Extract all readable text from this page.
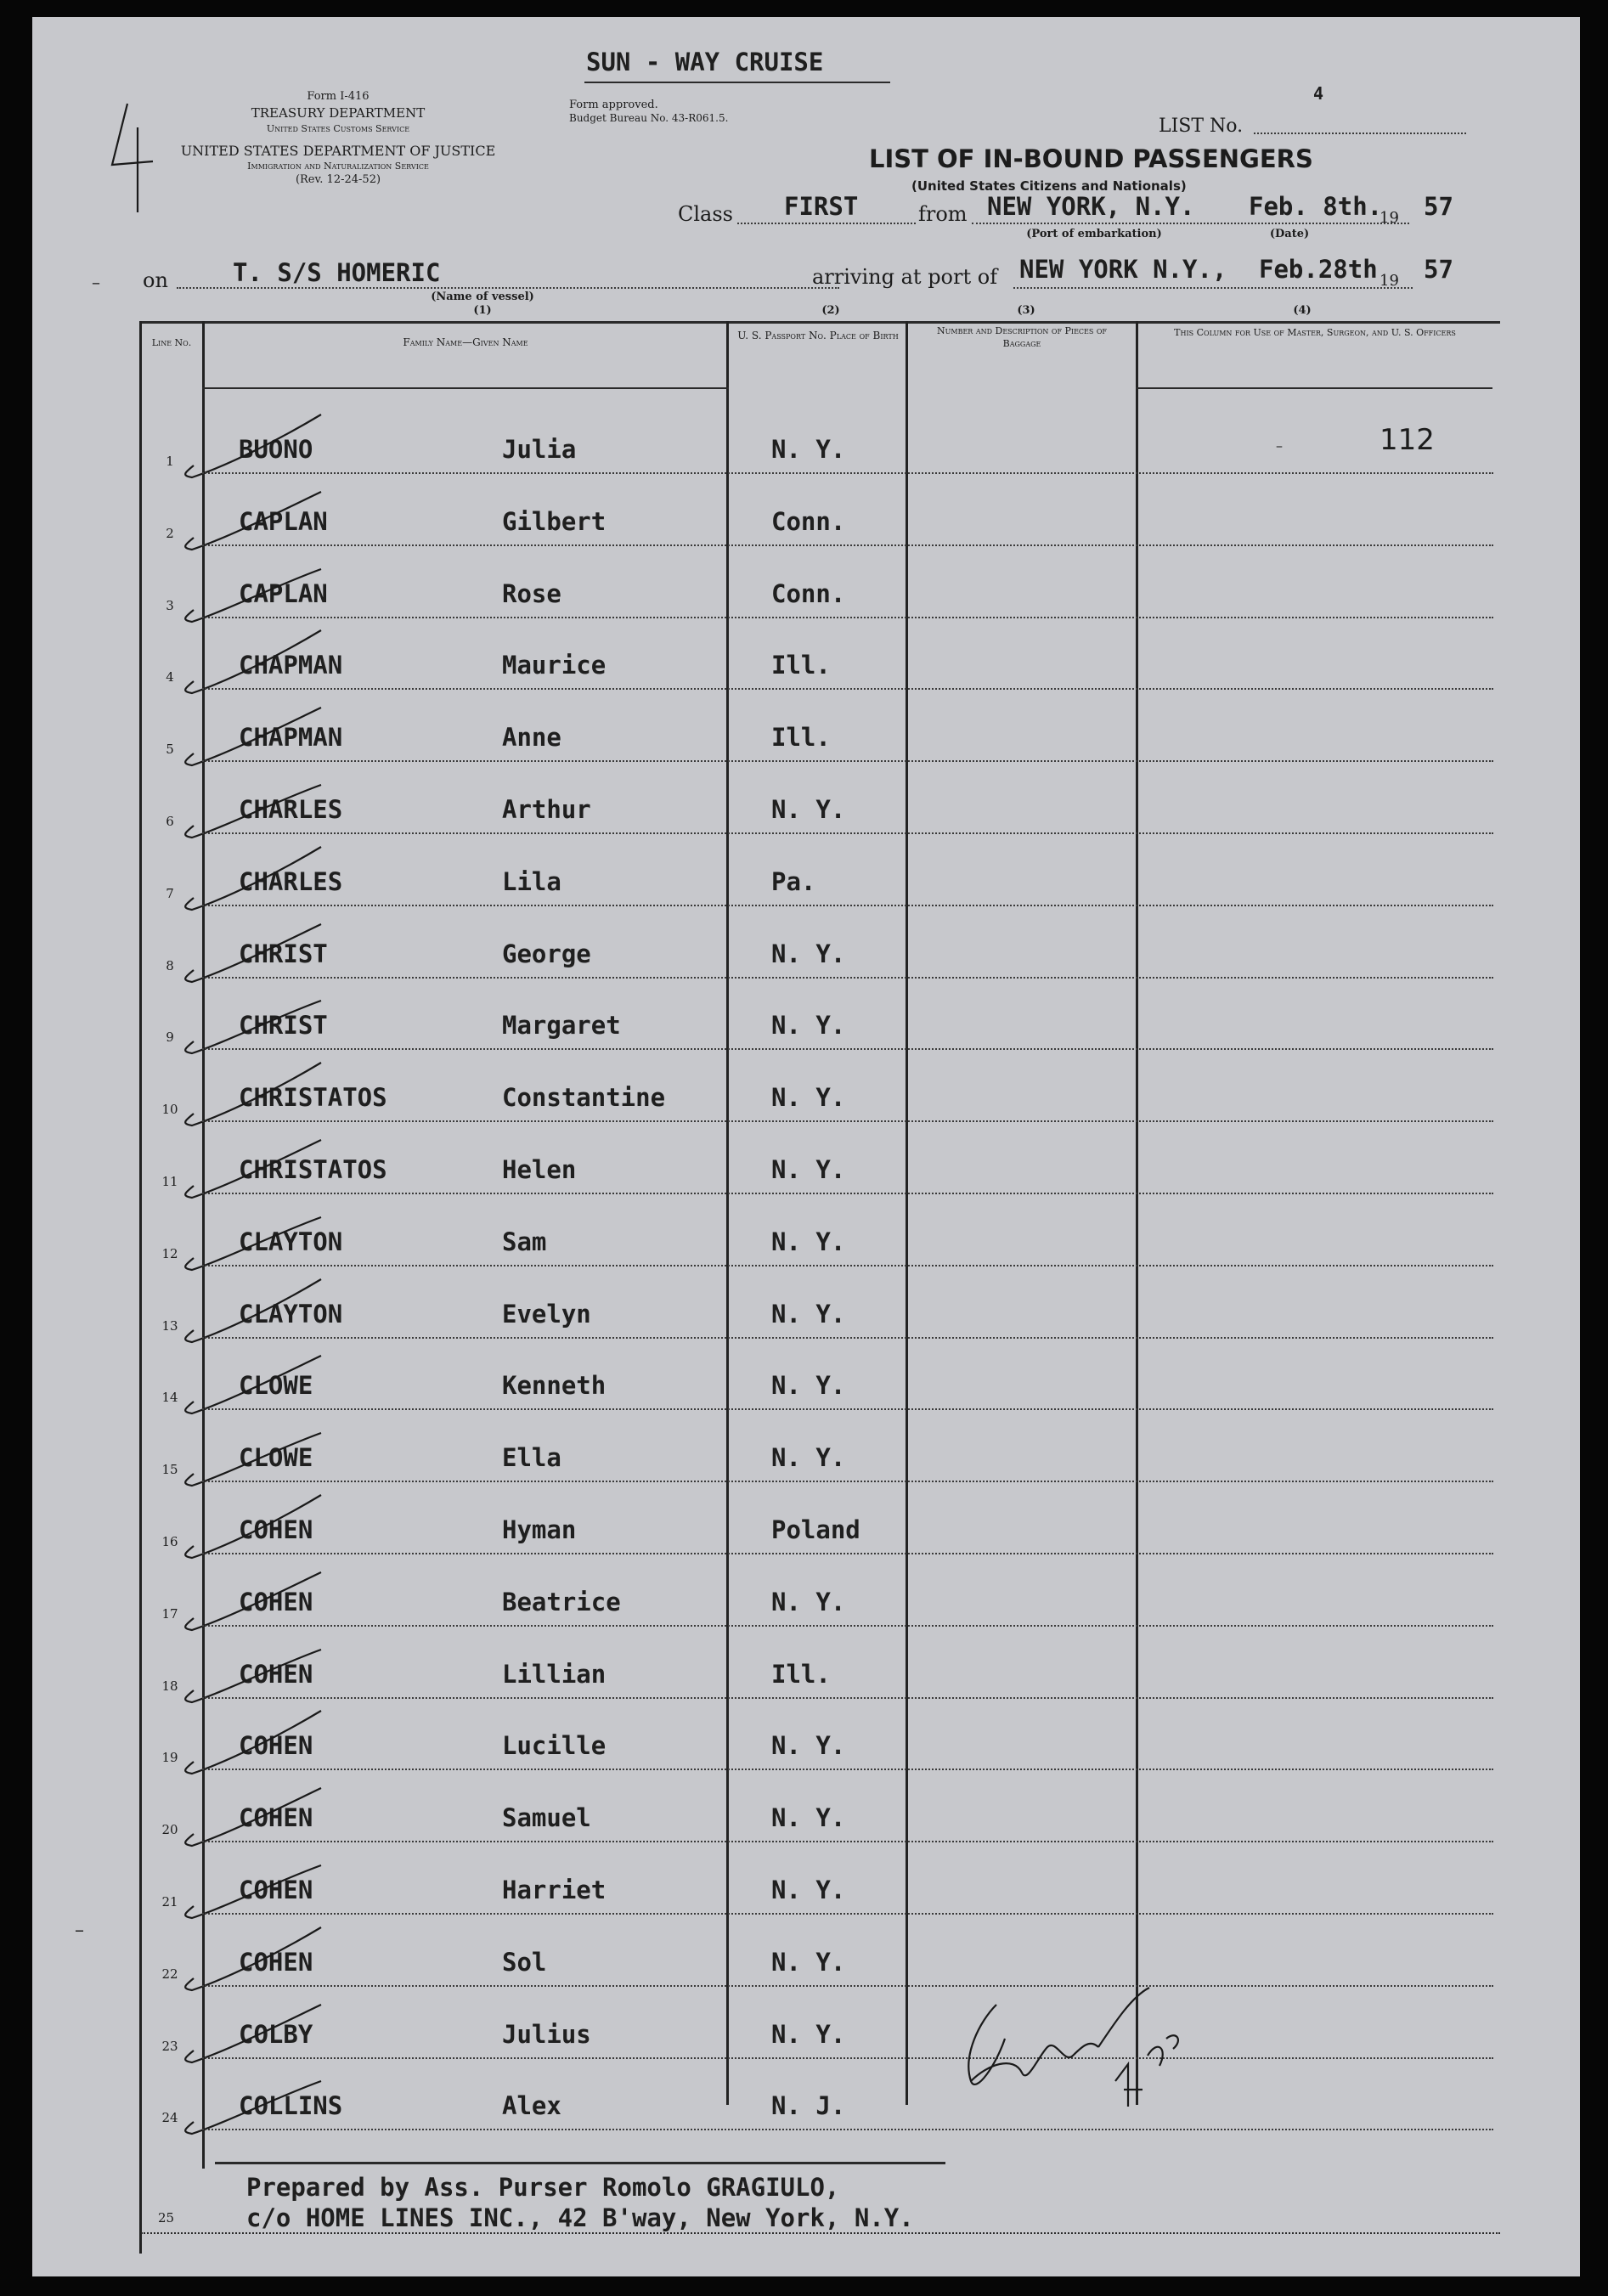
SUN - WAY CRUISE
Form I-416
TREASURY DEPARTMENT
United States Customs Service
UNITED STATES DEPARTMENT OF JUSTICE
Immigration and Naturalization Service
(Rev. 12-24-52)
Form approved.
Budget Bureau No. 43-R061.5.	LIST No.
4
LIST OF IN-BOUND PASSENGERS
(United States Citizens and Nationals)
Class FIRST	from NEW YORK, N.Y. Feb. 8th.
19 57
(Port of embarkation)	(Date)
on	T. S/S HOMERIC
(Name of vessel)
(1)
arriving at port of NEW YORK N.Y., Feb.28th 19 57
(2)	(3)	(4)
Line No.	Family Name—Given Name
U. S. Passport No. Place of Birth	Number and Description of Pieces of Baggage
This Column for Use of Master, Surgeon, and U. S. Officers
–	112
1	BUONO	Julia	N. Y.
2	CAPLAN	Gilbert	Conn.
3	CAPLAN	Rose	Conn.
4	CHAPMAN	Maurice	Ill.
5	CHAPMAN	Anne	Ill.
6	CHARLES	Arthur	N. Y.
7	CHARLES	Lila	Pa.
8	CHRIST	George	N. Y.
9	CHRIST	Margaret	N. Y.
10	CHRISTATOS	Constantine	N. Y.
11	CHRISTATOS	Helen	N. Y.
12	CLAYTON	Sam	N. Y.
13	CLAYTON	Evelyn	N. Y.
14	CLOWE	Kenneth	N. Y.
15	CLOWE	Ella	N. Y.
16	COHEN	Hyman	Poland
17	COHEN	Beatrice	N. Y.
18	COHEN	Lillian	Ill.
19	COHEN	Lucille	N. Y.
20	COHEN	Samuel	N. Y.
21	COHEN	Harriet	N. Y.
22	COHEN	Sol	N. Y.
23	COLBY	Julius	N. Y.
24	COLLINS	Alex	N. J.
25
Prepared by Ass. Purser Romolo GRAGIULO,
c/o HOME LINES INC., 42 B'way, New York, N.Y.
–
–
